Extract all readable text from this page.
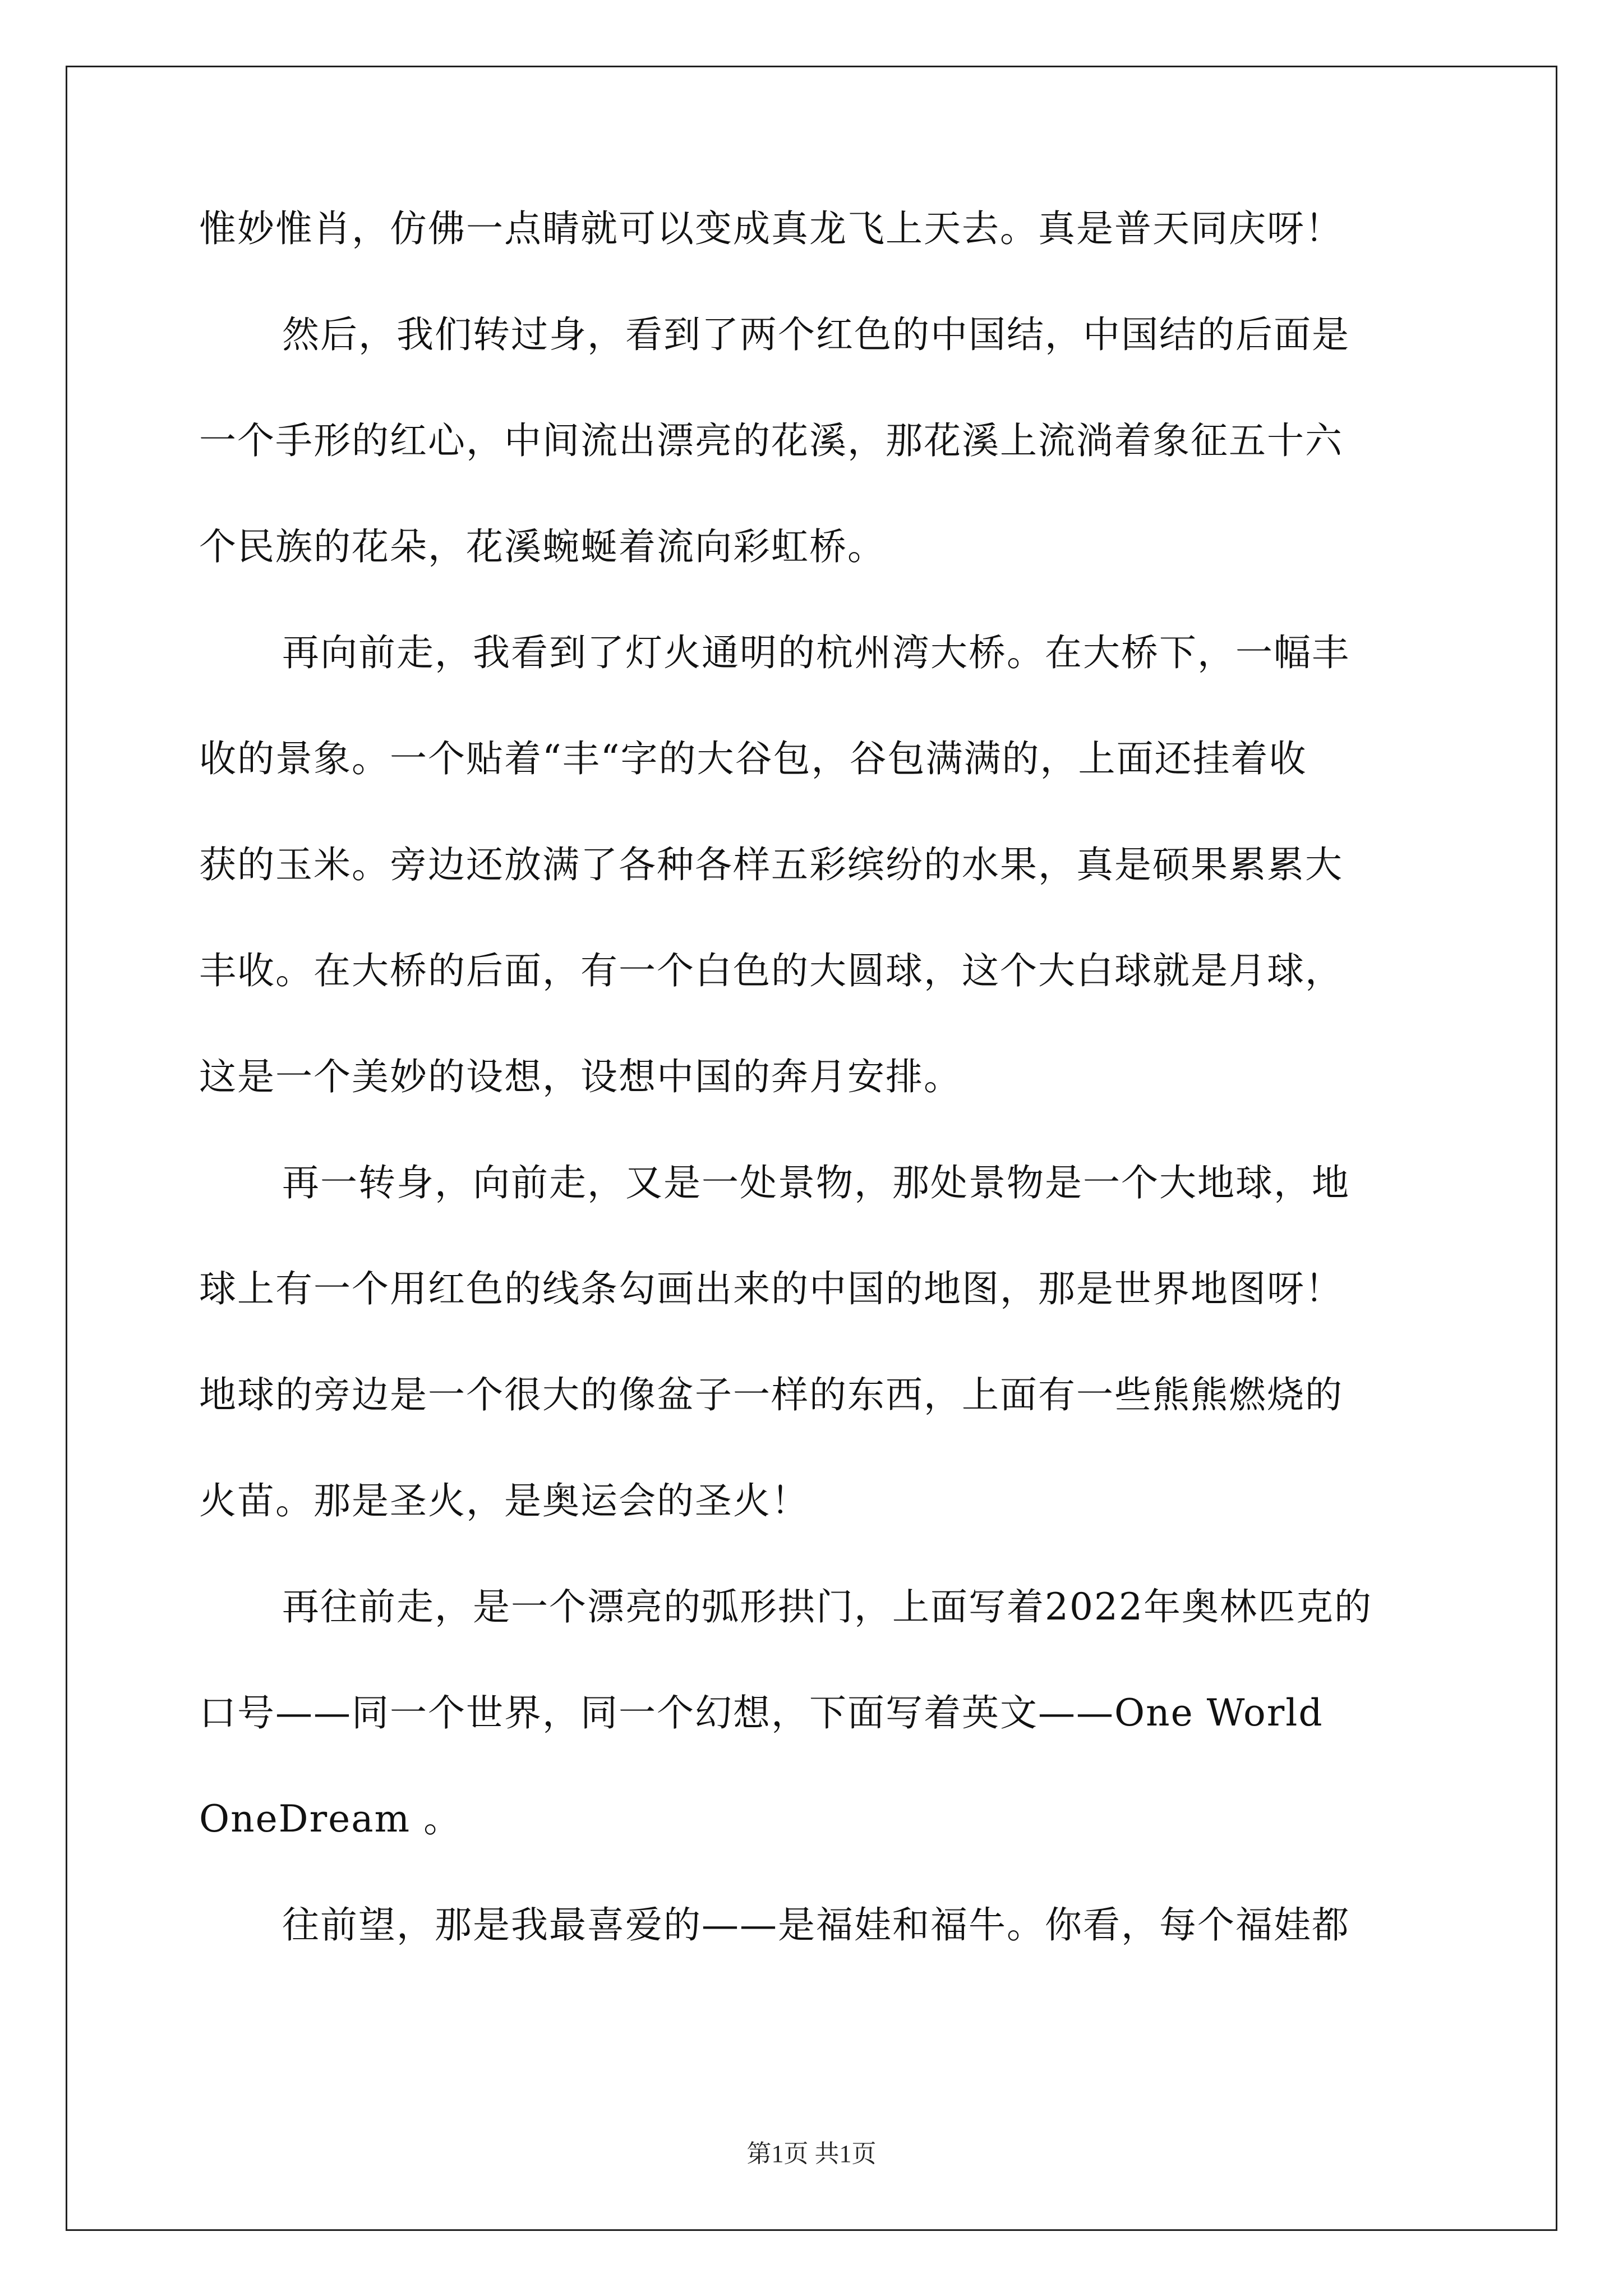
惟妙惟肖，仿佛一点睛就可以变成真龙飞上天去。真是普天同庆呀！
然后，我们转过身，看到了两个红色的中国结，中国结的后面是
一个手形的红心，中间流出漂亮的花溪，那花溪上流淌着象征五十六
个民族的花朵，花溪蜿蜒着流向彩虹桥。
再向前走，我看到了灯火通明的杭州湾大桥。在大桥下，一幅丰
收的景象。一个贴着“丰“字的大谷包，谷包满满的，上面还挂着收
获的玉米。旁边还放满了各种各样五彩缤纷的水果，真是硕果累累大
丰收。在大桥的后面，有一个白色的大圆球，这个大白球就是月球，
这是一个美妙的设想，设想中国的奔月安排。
再一转身，向前走，又是一处景物，那处景物是一个大地球，地
球上有一个用红色的线条勾画出来的中国的地图，那是世界地图呀！
地球的旁边是一个很大的像盆子一样的东西，上面有一些熊熊燃烧的
火苗。那是圣火，是奥运会的圣火！
再往前走，是一个漂亮的弧形拱门，上面写着2022年奥林匹克的
口号——同一个世界，同一个幻想，下面写着英文——One World
OneDream 。
往前望，那是我最喜爱的——是福娃和福牛。你看，每个福娃都
第1页 共1页
